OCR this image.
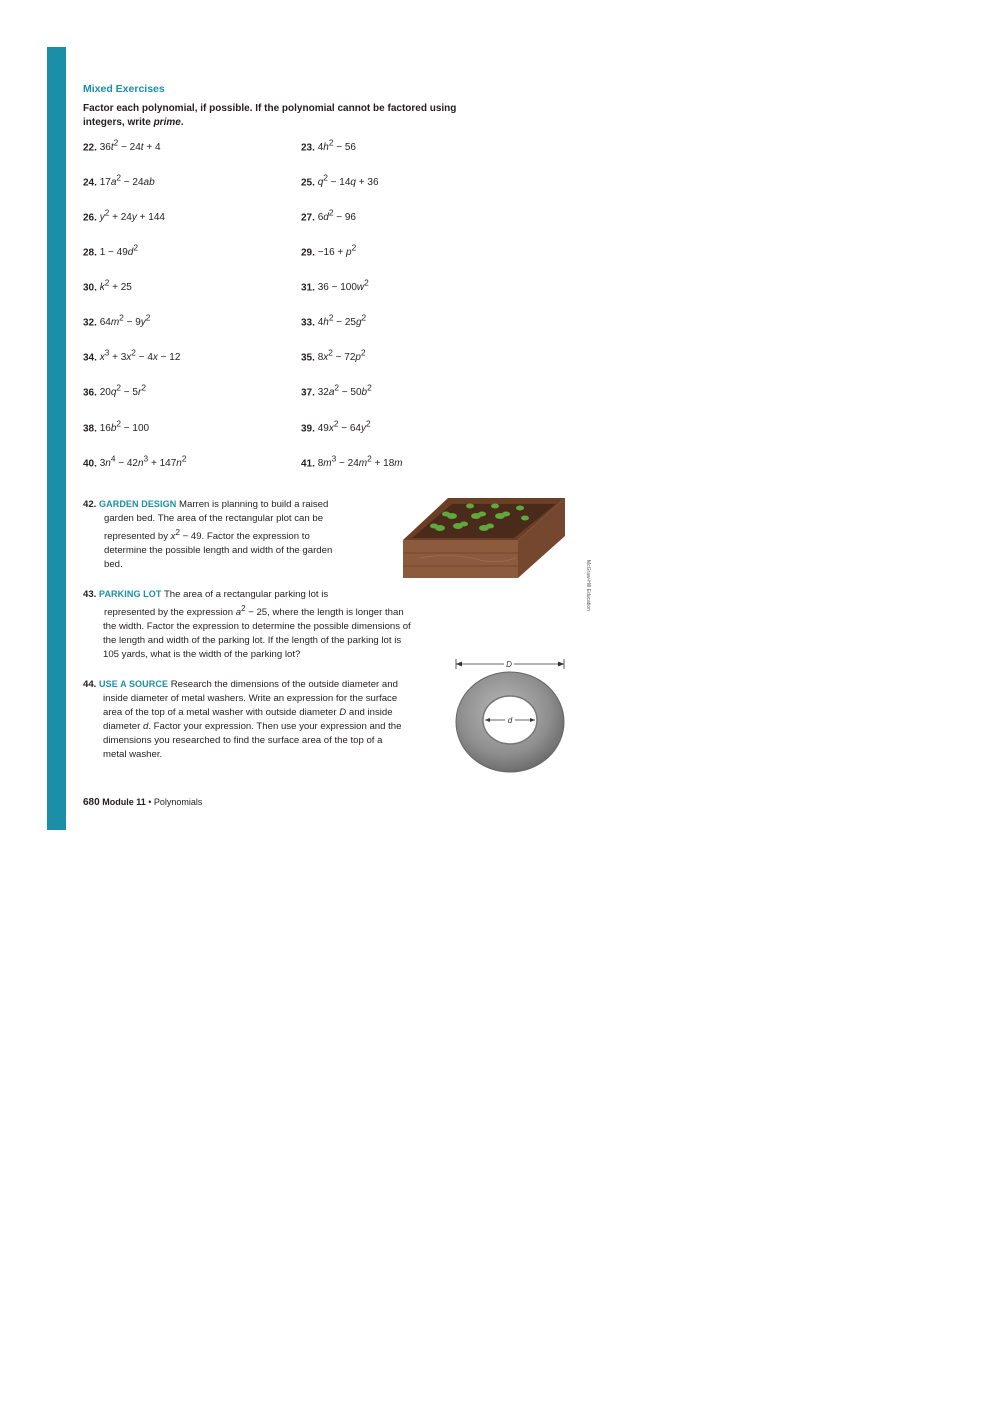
Mixed Exercises
Factor each polynomial, if possible. If the polynomial cannot be factored using
integers, write prime.
22. $36t^2 - 24t + 4$	23. $4h^2 - 56$
24. $17a^2 - 24ab$	25. $q^2 - 14q + 36$
26. $y^2 + 24y + 144$	27. $6d^2 - 96$
28. $1 - 49d^2$	29. $-16 + p^2$
30. $k^2 + 25$	31. $36 - 100w^2$
32. $64m^2 - 9y^2$	33. $4h^2 - 25g^2$
34. $x^3 + 3x^2 - 4x - 12$	35. $8x^2 - 72p^2$
36. $20q^2 - 5r^2$	37. $32a^2 - 50b^2$
38. $16b^2 - 100$	39. $49x^2 - 64y^2$
40. $3n^4 - 42n^3 + 147n^2$	41. $8m^3 - 24m^2 + 18m$
42. GARDEN DESIGN Marren is planning to build a raised
garden bed. The area of the rectangular plot can be
represented by $x^2 - 49$. Factor the expression to
determine the possible length and width of the garden
bed.	McGraw-Hill Education
43. PARKING LOT The area of a rectangular parking lot is
represented by the expression $a^2 - 25$, where the length is longer than
the width. Factor the expression to determine the possible dimensions of
the length and width of the parking lot. If the length of the parking lot is
105 yards, what is the width of the parking lot?
44. USE A SOURCE Research the dimensions of the outside diameter and
inside diameter of metal washers. Write an expression for the surface
area of the top of a metal washer with outside diameter D and inside
diameter d. Factor your expression. Then use your expression and the
dimensions you researched to find the surface area of the top of a
metal washer.
D
d
680 Module 11 • Polynomials
